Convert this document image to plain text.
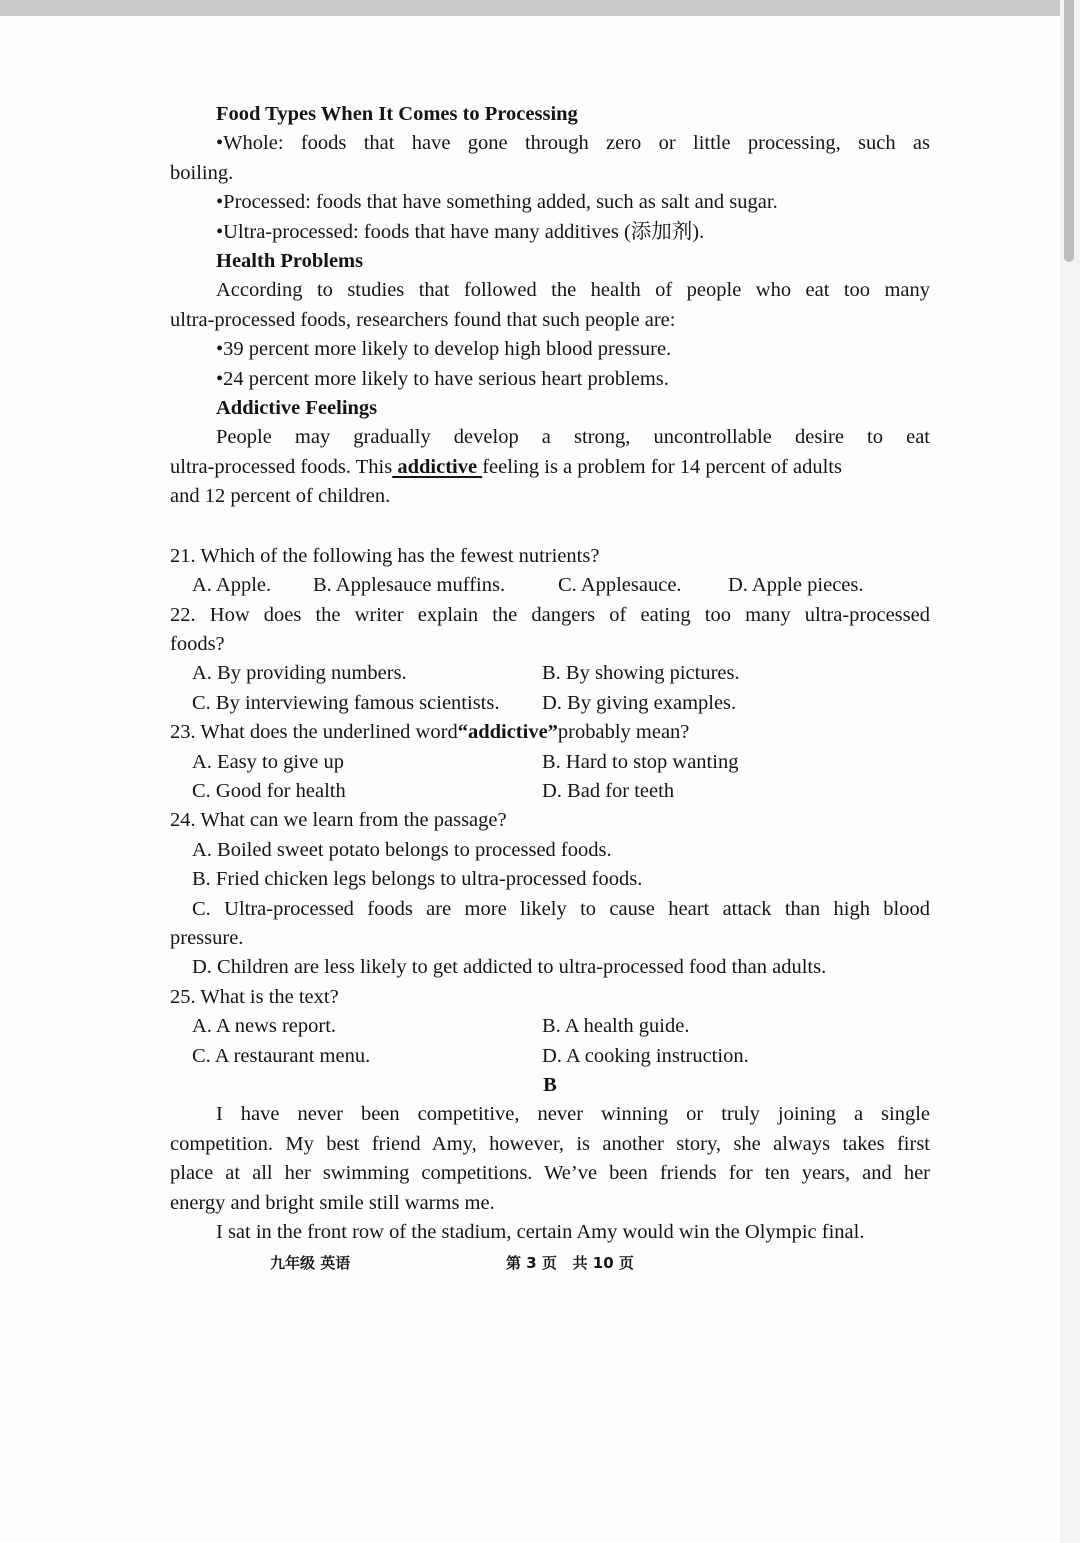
Food Types When It Comes to Processing
•Whole: foods that have gone through zero or little processing, such as
boiling.
•Processed: foods that have something added, such as salt and sugar.
•Ultra-processed: foods that have many additives (添加剂).
Health Problems
According to studies that followed the health of people who eat too many
ultra-processed foods, researchers found that such people are:
•39 percent more likely to develop high blood pressure.
•24 percent more likely to have serious heart problems.
Addictive Feelings
People may gradually develop a strong, uncontrollable desire to eat
ultra-processed foods. This addictive feeling is a problem for 14 percent of adults
and 12 percent of children.
21. Which of the following has the fewest nutrients?
A. Apple.	B. Applesauce muffins.	C. Applesauce.	D. Apple pieces.
22. How does the writer explain the dangers of eating too many ultra-processed
foods?
A. By providing numbers.	B. By showing pictures.
C. By interviewing famous scientists.	D. By giving examples.
23. What does the underlined word“addictive”probably mean?
A. Easy to give up	B. Hard to stop wanting
C. Good for health	D. Bad for teeth
24. What can we learn from the passage?
A. Boiled sweet potato belongs to processed foods.
B. Fried chicken legs belongs to ultra-processed foods.
C. Ultra-processed foods are more likely to cause heart attack than high blood
pressure.
D. Children are less likely to get addicted to ultra-processed food than adults.
25. What is the text?
A. A news report.	B. A health guide.
C. A restaurant menu.	D. A cooking instruction.
B
I have never been competitive, never winning or truly joining a single
competition. My best friend Amy, however, is another story, she always takes first
place at all her swimming competitions. We’ve been friends for ten years, and her
energy and bright smile still warms me.
I sat in the front row of the stadium, certain Amy would win the Olympic final.
九年级 英语	第 3 页   共 10 页
